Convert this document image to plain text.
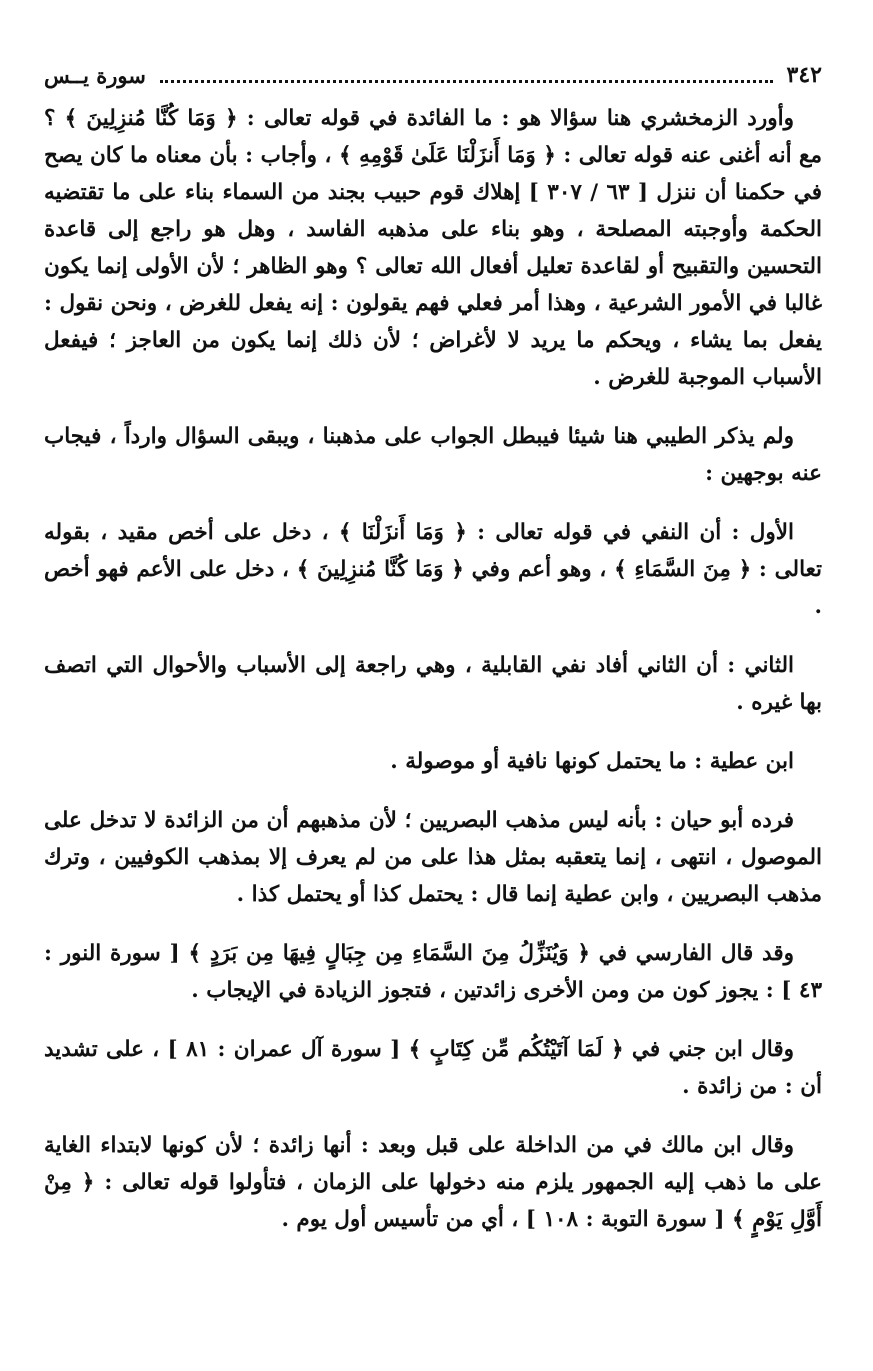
٣٤٢
سورة يــس

وأورد الزمخشري هنا سؤالا هو : ما الفائدة في قوله تعالى : ﴿ وَمَا كُنَّا مُنزِلِينَ ﴾ ؟ مع أنه أغنى عنه قوله تعالى : ﴿ وَمَا أَنزَلْنَا عَلَىٰ قَوْمِهِ ﴾ ، وأجاب : بأن معناه ما كان يصح في حكمنا أن ننزل [ ٦٣ / ٣٠٧ ] إهلاك قوم حبيب بجند من السماء بناء على ما تقتضيه الحكمة وأوجبته المصلحة ، وهو بناء على مذهبه الفاسد ، وهل هو راجع إلى قاعدة التحسين والتقبيح أو لقاعدة تعليل أفعال الله تعالى ؟ وهو الظاهر ؛ لأن الأولى إنما يكون غالبا في الأمور الشرعية ، وهذا أمر فعلي فهم يقولون : إنه يفعل للغرض ، ونحن نقول : يفعل بما يشاء ، ويحكم ما يريد لا لأغراض ؛ لأن ذلك إنما يكون من العاجز ؛ فيفعل الأسباب الموجبة للغرض .

ولم يذكر الطيبي هنا شيئا فيبطل الجواب على مذهبنا ، ويبقى السؤال وارداً ، فيجاب عنه بوجهين :

الأول : أن النفي في قوله تعالى : ﴿ وَمَا أَنزَلْنَا ﴾ ، دخل على أخص مقيد ، بقوله تعالى : ﴿ مِنَ السَّمَاءِ ﴾ ، وهو أعم وفي ﴿ وَمَا كُنَّا مُنزِلِينَ ﴾ ، دخل على الأعم فهو أخص .

الثاني : أن الثاني أفاد نفي القابلية ، وهي راجعة إلى الأسباب والأحوال التي اتصف بها غيره .

ابن عطية : ما يحتمل كونها نافية أو موصولة .

فرده أبو حيان : بأنه ليس مذهب البصريين ؛ لأن مذهبهم أن من الزائدة لا تدخل على الموصول ، انتهى ، إنما يتعقبه بمثل هذا على من لم يعرف إلا بمذهب الكوفيين ، وترك مذهب البصريين ، وابن عطية إنما قال : يحتمل كذا أو يحتمل كذا .

وقد قال الفارسي في ﴿ وَيُنَزِّلُ مِنَ السَّمَاءِ مِن جِبَالٍ فِيهَا مِن بَرَدٍ ﴾ [ سورة النور : ٤٣ ] : يجوز كون من ومن الأخرى زائدتين ، فتجوز الزيادة في الإيجاب .

وقال ابن جني في ﴿ لَمَا آتَيْتُكُم مِّن كِتَابٍ ﴾ [ سورة آل عمران : ٨١ ] ، على تشديد أن : من زائدة .

وقال ابن مالك في من الداخلة على قبل وبعد : أنها زائدة ؛ لأن كونها لابتداء الغاية على ما ذهب إليه الجمهور يلزم منه دخولها على الزمان ، فتأولوا قوله تعالى : ﴿ مِنْ أَوَّلِ يَوْمٍ ﴾ [ سورة التوبة : ١٠٨ ] ، أي من تأسيس أول يوم .
